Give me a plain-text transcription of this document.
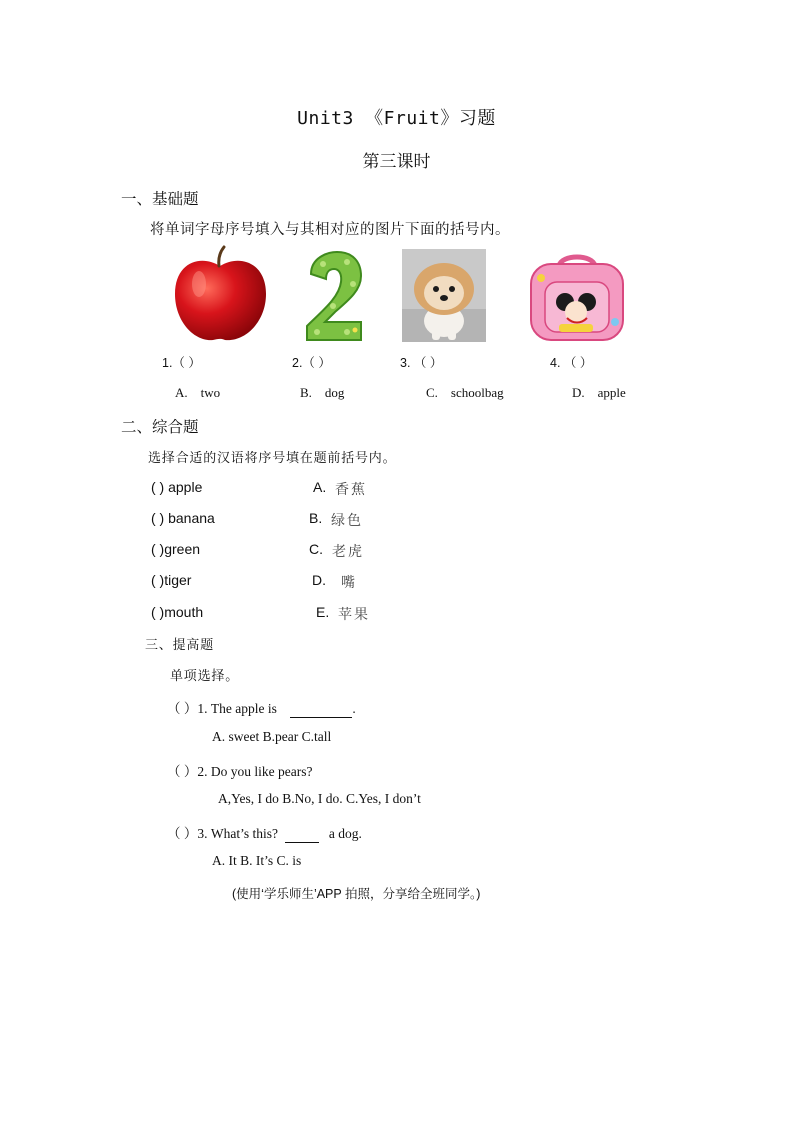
Unit3 《Fruit》习题
第三课时
一、基础题
将单词字母序号填入与其相对应的图片下面的括号内。
1.（ ）	2.（ ）	3. （ ）	4. （ ）
A. two	B. dog	C. schoolbag	D. apple
二、综合题
选择合适的汉语将序号填在题前括号内。
( ) apple	A. 香蕉
( ) banana	B. 绿色
( )green	C. 老虎
( )tiger	D. 嘴
( )mouth	E. 苹果
三、提高题
单项选择。
（ ）1. The apple is	.
A. sweet B.pear C.tall
（ ）2. Do you like pears?
A,Yes, I do B.No, I do. C.Yes, I don’t
（ ）3. What’s this?	a dog.
A. It B. It’s C. is
(使用‘学乐师生’APP 拍照，分享给全班同学。)
